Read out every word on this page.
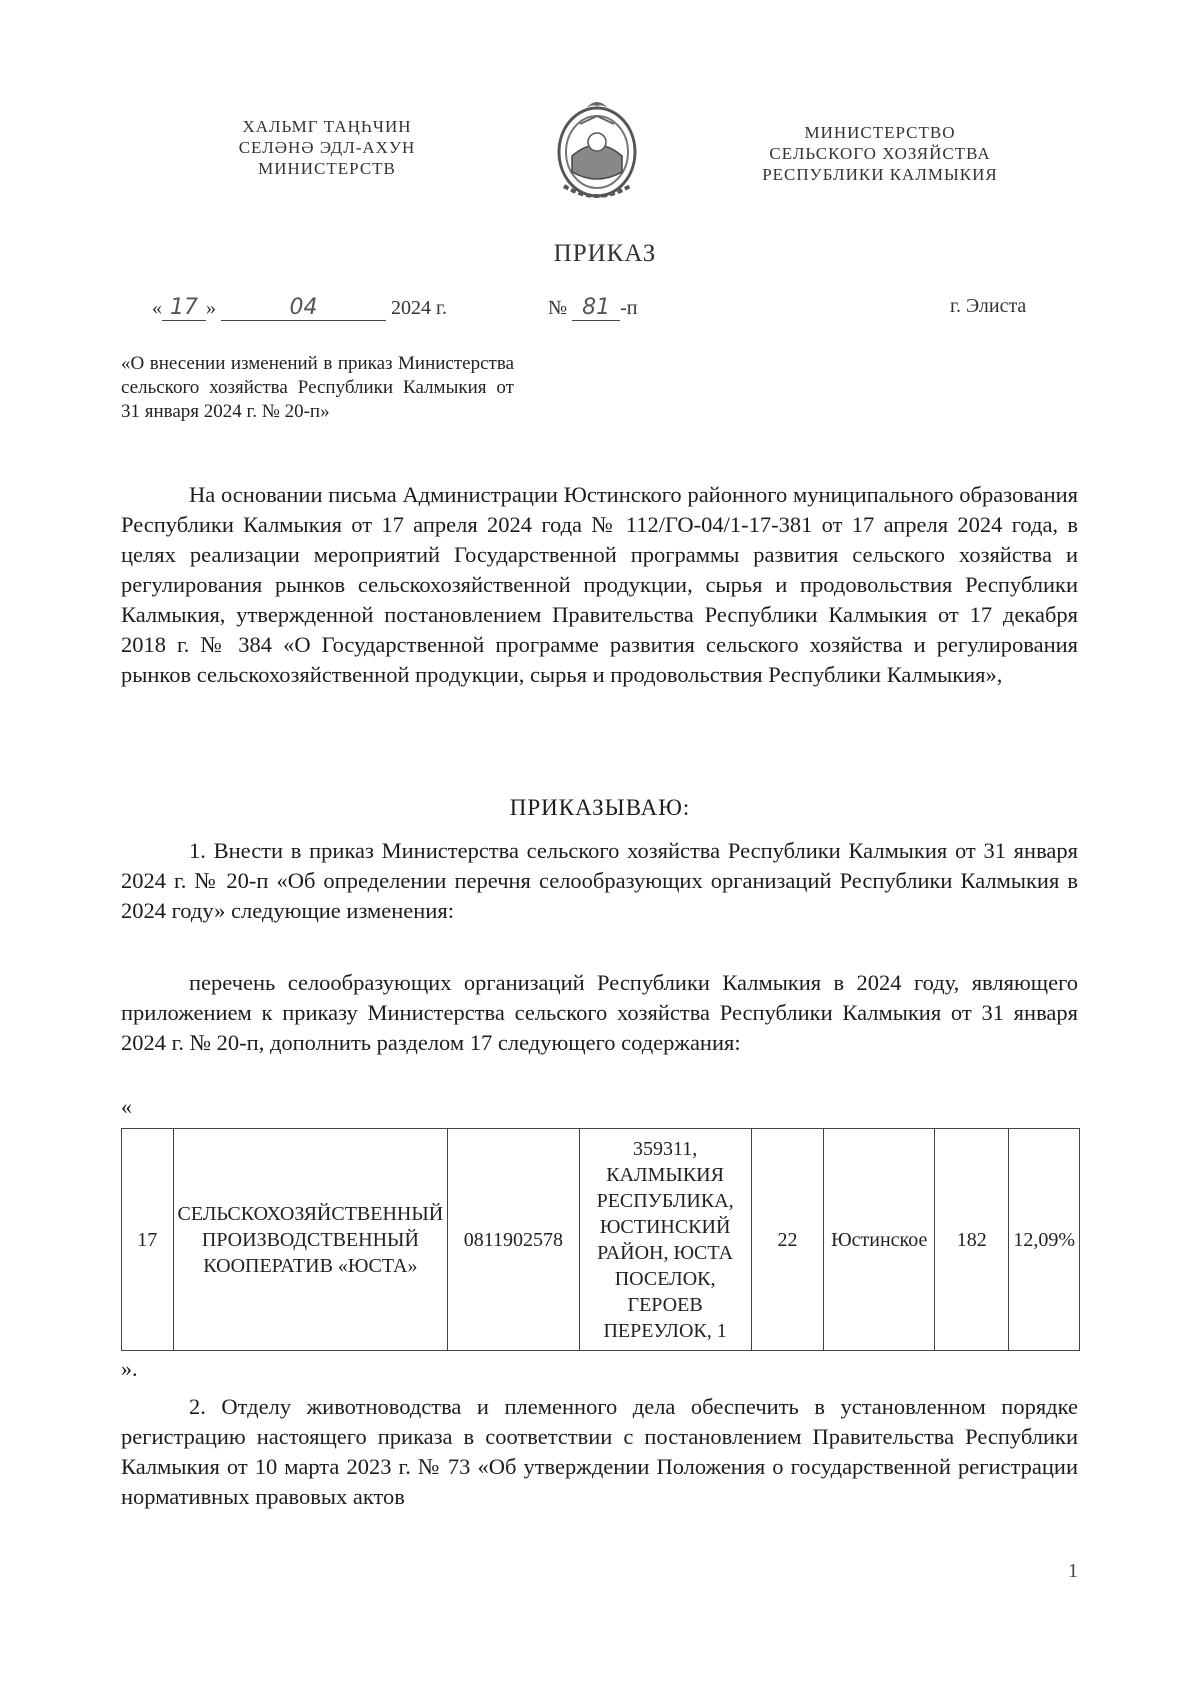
ХАЛЬМГ ТАҢҺЧИН
СЕЛӘНӘ ЭДЛ-АХУН
МИНИСТЕРСТВ
МИНИСТЕРСТВО
СЕЛЬСКОГО ХОЗЯЙСТВА
РЕСПУБЛИКИ КАЛМЫКИЯ
ПРИКАЗ
« 17 »	04	2024 г.	№ 81 -п	г. Элиста
«О внесении изменений в приказ Министерства сельского хозяйства Республики Калмыкия от 31 января 2024 г. № 20-п»
На основании письма Администрации Юстинского районного муниципального образования Республики Калмыкия от 17 апреля 2024 года № 112/ГО-04/1-17-381 от 17 апреля 2024 года, в целях реализации мероприятий Государственной программы развития сельского хозяйства и регулирования рынков сельскохозяйственной продукции, сырья и продовольствия Республики Калмыкия, утвержденной постановлением Правительства Республики Калмыкия от 17 декабря 2018 г. № 384 «О Государственной программе развития сельского хозяйства и регулирования рынков сельскохозяйственной продукции, сырья и продовольствия Республики Калмыкия»,
ПРИКАЗЫВАЮ:
1. Внести в приказ Министерства сельского хозяйства Республики Калмыкия от 31 января 2024 г. № 20-п «Об определении перечня селообразующих организаций Республики Калмыкия в 2024 году» следующие изменения:
перечень селообразующих организаций Республики Калмыкия в 2024 году, являющего приложением к приказу Министерства сельского хозяйства Республики Калмыкия от 31 января 2024 г. № 20-п, дополнить разделом 17 следующего содержания:
«
17	СЕЛЬСКОХОЗЯЙСТВЕННЫЙ ПРОИЗВОДСТВЕННЫЙ КООПЕРАТИВ «ЮСТА»	0811902578	359311, КАЛМЫКИЯ РЕСПУБЛИКА, ЮСТИНСКИЙ РАЙОН, ЮСТА ПОСЕЛОК, ГЕРОЕВ ПЕРЕУЛОК, 1	22	Юстинское	182	12,09%
».
2. Отделу животноводства и племенного дела обеспечить в установленном порядке регистрацию настоящего приказа в соответствии с постановлением Правительства Республики Калмыкия от 10 марта 2023 г. № 73 «Об утверждении Положения о государственной регистрации нормативных правовых актов
1
